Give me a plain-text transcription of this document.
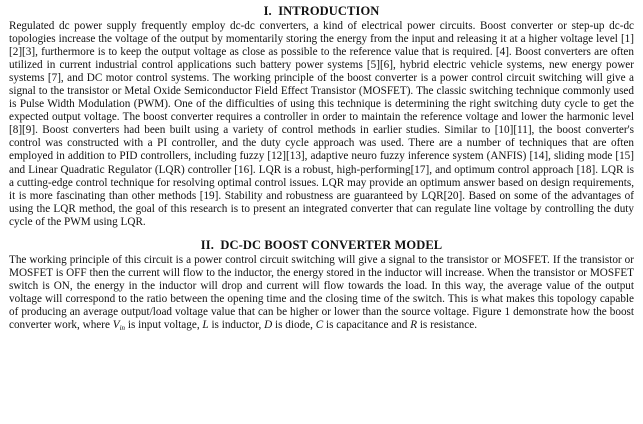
I.  INTRODUCTION

Regulated dc power supply frequently employ dc-dc converters, a kind of electrical power circuits. Boost converter or step-up dc-dc topologies increase the voltage of the output by momentarily storing the energy from the input and releasing it at a higher voltage level [1][2][3], furthermore is to keep the output voltage as close as possible to the reference value that is required. [4]. Boost converters are often utilized in current industrial control applications such battery power systems [5][6], hybrid electric vehicle systems, new energy power systems [7], and DC motor control systems. The working principle of the boost converter is a power control circuit switching will give a signal to the transistor or Metal Oxide Semiconductor Field Effect Transistor (MOSFET). The classic switching technique commonly used is Pulse Width Modulation (PWM). One of the difficulties of using this technique is determining the right switching duty cycle to get the expected output voltage. The boost converter requires a controller in order to maintain the reference voltage and lower the harmonic level [8][9]. Boost converters had been built using a variety of control methods in earlier studies. Similar to [10][11], the boost converter's control was constructed with a PI controller, and the duty cycle approach was used. There are a number of techniques that are often employed in addition to PID controllers, including fuzzy [12][13], adaptive neuro fuzzy inference system (ANFIS) [14], sliding mode [15] and Linear Quadratic Regulator (LQR) controller [16]. LQR is a robust, high-performing[17], and optimum control approach [18]. LQR is a cutting-edge control technique for resolving optimal control issues. LQR may provide an optimum answer based on design requirements, it is more fascinating than other methods [19]. Stability and robustness are guaranteed by LQR[20]. Based on some of the advantages of using the LQR method, the goal of this research is to present an integrated converter that can regulate line voltage by controlling the duty cycle of the PWM using LQR.

II.  DC-DC BOOST CONVERTER MODEL

The working principle of this circuit is a power control circuit switching will give a signal to the transistor or MOSFET. If the transistor or MOSFET is OFF then the current will flow to the inductor, the energy stored in the inductor will increase. When the transistor or MOSFET switch is ON, the energy in the inductor will drop and current will flow towards the load. In this way, the average value of the output voltage will correspond to the ratio between the opening time and the closing time of the switch. This is what makes this topology capable of producing an average output/load voltage value that can be higher or lower than the source voltage. Figure 1 demonstrate how the boost converter work, where $V_{in}$ is input voltage, L is inductor, D is diode, C is capacitance and R is resistance.
